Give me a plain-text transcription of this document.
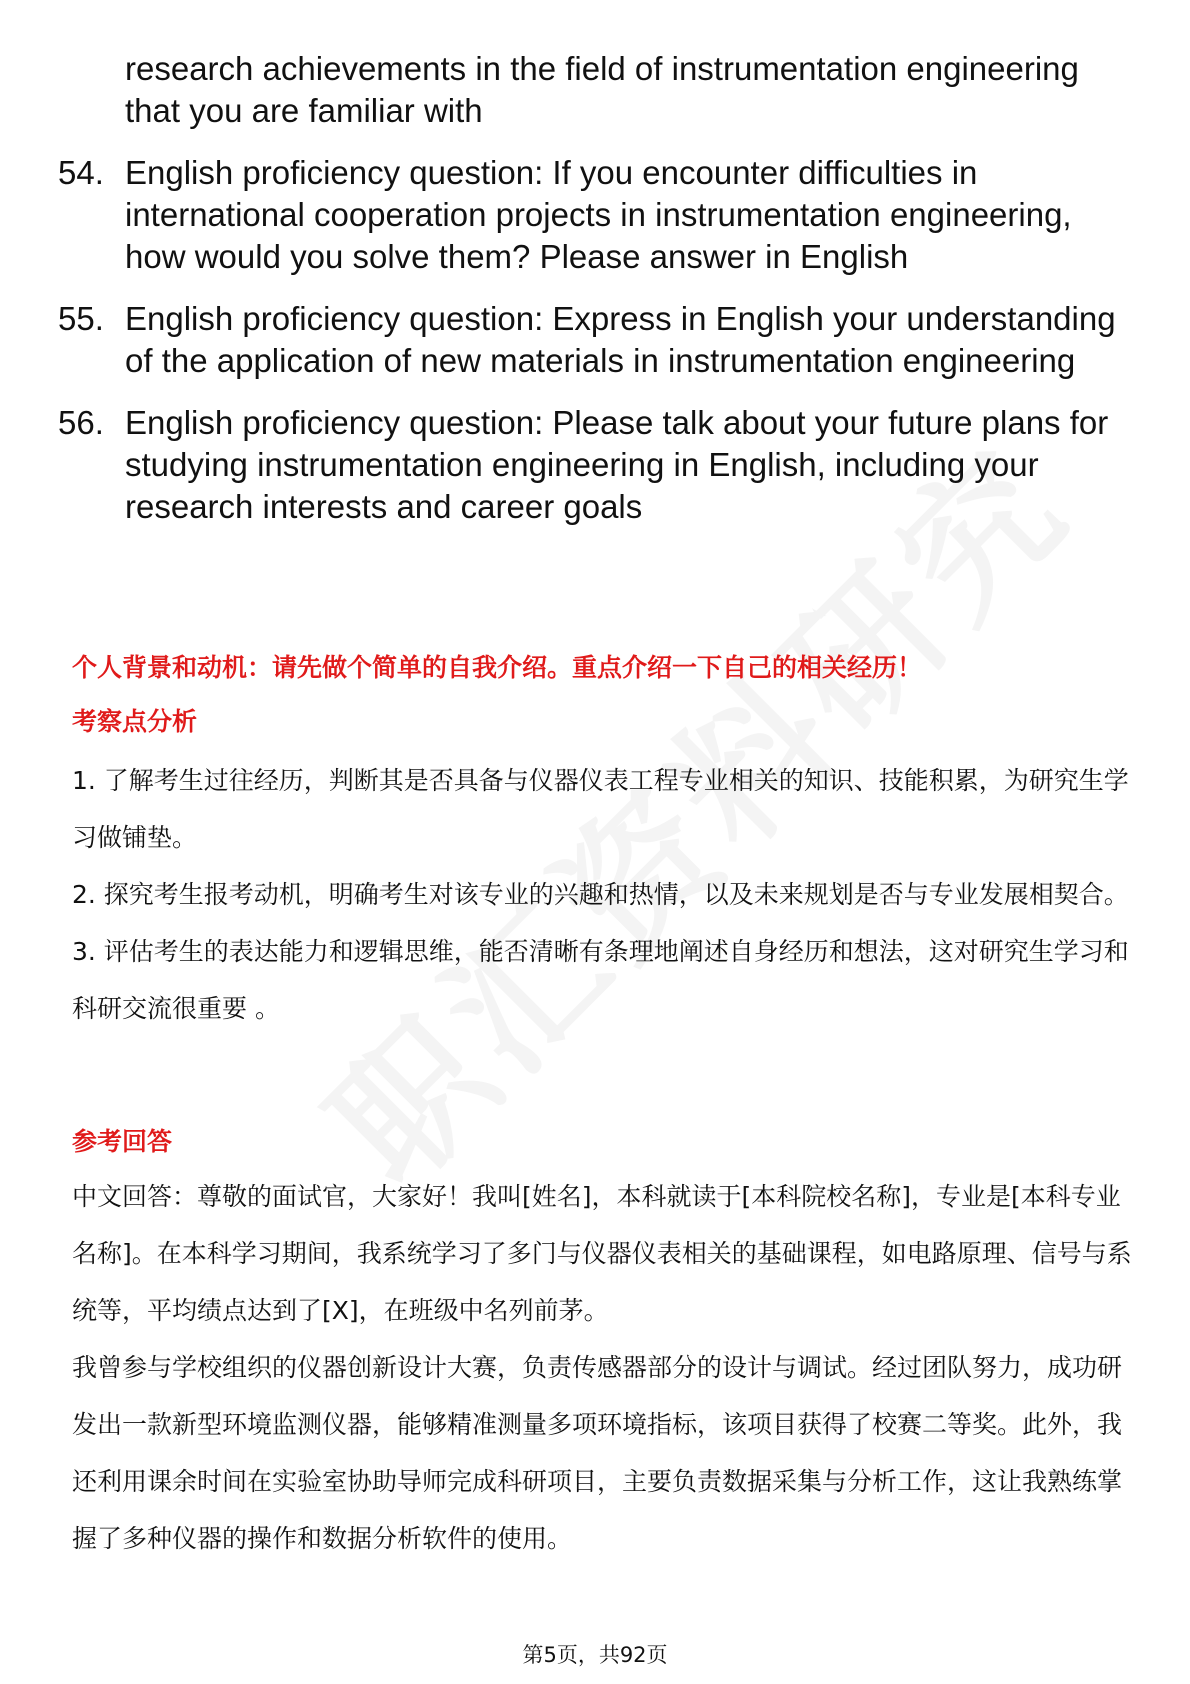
research achievements in the field of instrumentation engineering that you are familiar with
54. English proficiency question: If you encounter difficulties in international cooperation projects in instrumentation engineering, how would you solve them? Please answer in English
55. English proficiency question: Express in English your understanding of the application of new materials in instrumentation engineering
56. English proficiency question: Please talk about your future plans for studying instrumentation engineering in English, including your research interests and career goals
个人背景和动机：请先做个简单的自我介绍。重点介绍一下自己的相关经历！
考察点分析

1. 了解考生过往经历，判断其是否具备与仪器仪表工程专业相关的知识、技能积累，为研究生学习做铺垫。

2. 探究考生报考动机，明确考生对该专业的兴趣和热情，以及未来规划是否与专业发展相契合。

3. 评估考生的表达能力和逻辑思维，能否清晰有条理地阐述自身经历和想法，这对研究生学习和科研交流很重要 。

参考回答

中文回答：尊敬的面试官，大家好！我叫[姓名]，本科就读于[本科院校名称]，专业是[本科专业名称]。在本科学习期间，我系统学习了多门与仪器仪表相关的基础课程，如电路原理、信号与系统等，平均绩点达到了[X]，在班级中名列前茅。

我曾参与学校组织的仪器创新设计大赛，负责传感器部分的设计与调试。经过团队努力，成功研发出一款新型环境监测仪器，能够精准测量多项环境指标，该项目获得了校赛二等奖。此外，我还利用课余时间在实验室协助导师完成科研项目，主要负责数据采集与分析工作，这让我熟练掌握了多种仪器的操作和数据分析软件的使用。

第5页，共92页
